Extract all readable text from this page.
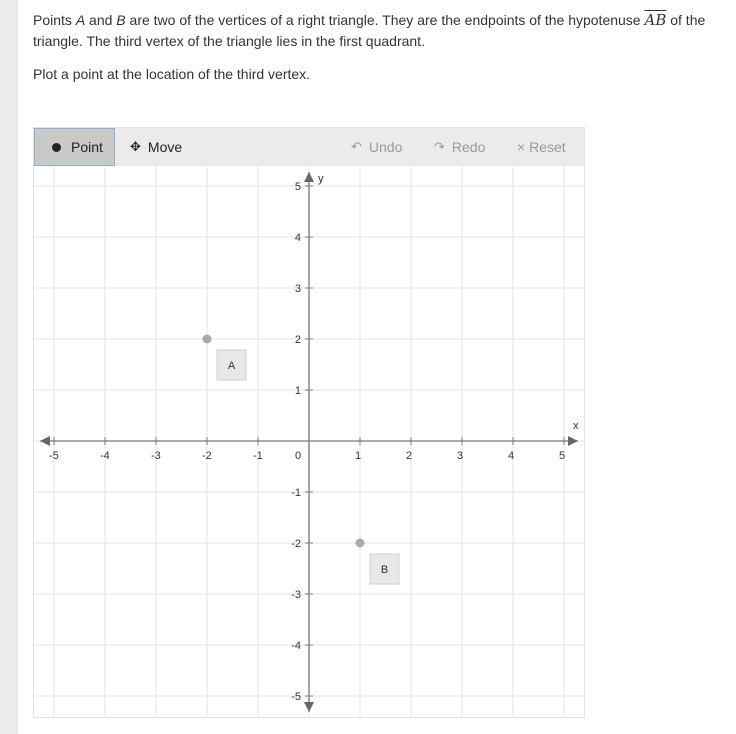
Points A and B are two of the vertices of a right triangle. They are the endpoints of the hypotenuse $\overline{AB}$ of the triangle. The third vertex of the triangle lies in the first quadrant.

Plot a point at the location of the third vertex.

Point ✥ Move	↶ Undo ↷ Redo × Reset
x
y
-5	-4	-3	-2	-1	0	1	2	3	4	5
5
4
3
2
1
-1
-2
-3
-4
-5
A
B
